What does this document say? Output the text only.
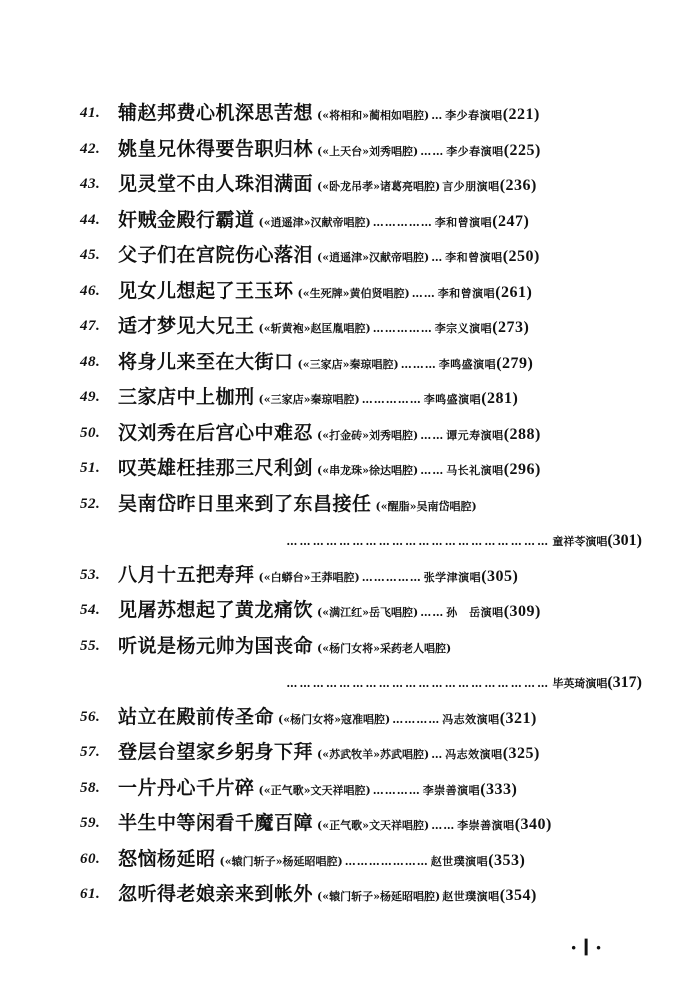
41. 辅赵邦费心机深思苦想 («将相和»蔺相如唱腔) … 李少春演唱(221)
42. 姚皇兄休得要告职归林 («上天台»刘秀唱腔) …… 李少春演唱(225)
43. 见灵堂不由人珠泪满面 («卧龙吊孝»诸葛亮唱腔) 言少朋演唱(236)
44. 奸贼金殿行霸道 («逍遥津»汉献帝唱腔) …………… 李和曾演唱(247)
45. 父子们在宫院伤心落泪 («逍遥津»汉献帝唱腔) … 李和曾演唱(250)
46. 见女儿想起了王玉环 («生死牌»黄伯贤唱腔) …… 李和曾演唱(261)
47. 适才梦见大兄王 («斩黄袍»赵匡胤唱腔) …………… 李宗义演唱(273)
48. 将身儿来至在大街口 («三家店»秦琼唱腔) ……… 李鸣盛演唱(279)
49. 三家店中上枷刑 («三家店»秦琼唱腔) …………… 李鸣盛演唱(281)
50. 汉刘秀在后宫心中难忍 («打金砖»刘秀唱腔) …… 谭元寿演唱(288)
51. 叹英雄枉挂那三尺利剑 («串龙珠»徐达唱腔) …… 马长礼演唱(296)
52. 吴南岱昨日里来到了东昌接任 («醒脂»吴南岱唱腔)
…………………………………………………… 童祥苓演唱(301)
53. 八月十五把寿拜 («白蟒台»王莽唱腔) …………… 张学津演唱(305)
54. 见屠苏想起了黄龙痛饮 («满江红»岳飞唱腔) …… 孙　岳演唱(309)
55. 听说是杨元帅为国丧命 («杨门女将»采药老人唱腔)
…………………………………………………… 毕英琦演唱(317)
56. 站立在殿前传圣命 («杨门女将»寇准唱腔) ………… 冯志效演唱(321)
57. 登层台望家乡躬身下拜 («苏武牧羊»苏武唱腔) … 冯志效演唱(325)
58. 一片丹心千片碎 («正气歌»文天祥唱腔) ………… 李崇善演唱(333)
59. 半生中等闲看千魔百障 («正气歌»文天祥唱腔) …… 李崇善演唱(340)
60. 怒恼杨延昭 («辕门斩子»杨延昭唱腔) ………………… 赵世璞演唱(353)
61. 忽听得老娘亲来到帐外 («辕门斩子»杨延昭唱腔) 赵世璞演唱(354)
· Ⅰ ·
